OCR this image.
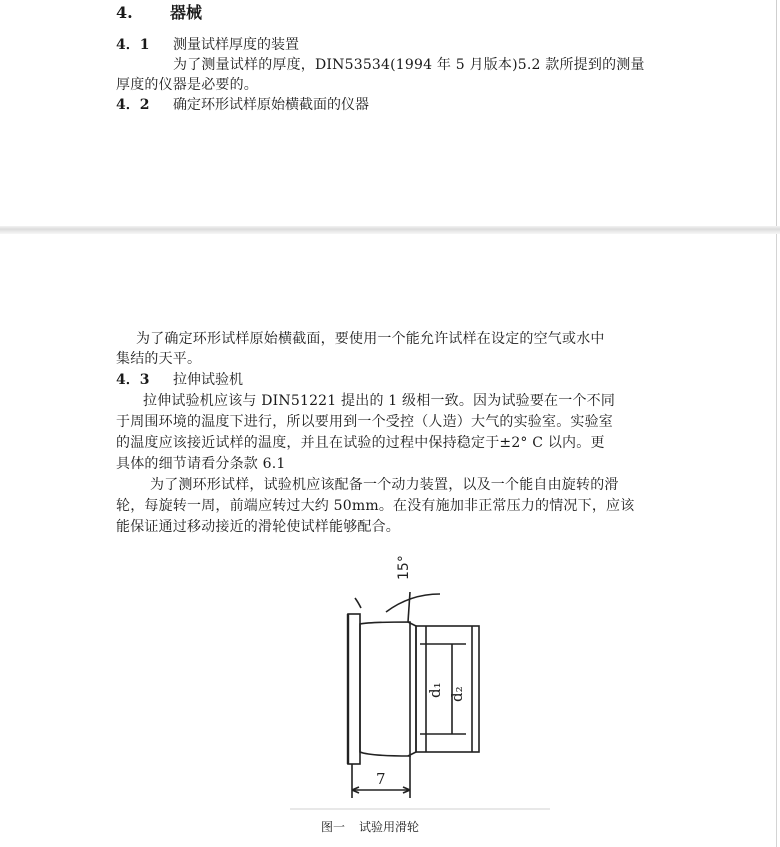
4. 器械
4．1 测量试样厚度的装置
为了测量试样的厚度，DIN53534(1994 年 5 月版本)5.2 款所提到的测量
厚度的仪器是必要的。
4．2 确定环形试样原始横截面的仪器
为了确定环形试样原始横截面，要使用一个能允许试样在设定的空气或水中
集结的天平。
4．3 拉伸试验机
拉伸试验机应该与 DIN51221 提出的 1 级相一致。因为试验要在一个不同
于周围环境的温度下进行，所以要用到一个受控（人造）大气的实验室。实验室
的温度应该接近试样的温度，并且在试验的过程中保持稳定于±2° C 以内。更
具体的细节请看分条款 6.1
为了测环形试样，试验机应该配备一个动力装置，以及一个能自由旋转的滑
轮，每旋转一周，前端应转过大约 50mm。在没有施加非正常压力的情况下，应该
能保证通过移动接近的滑轮使试样能够配合。
15°
d₁ d₂
7
图一 试验用滑轮
